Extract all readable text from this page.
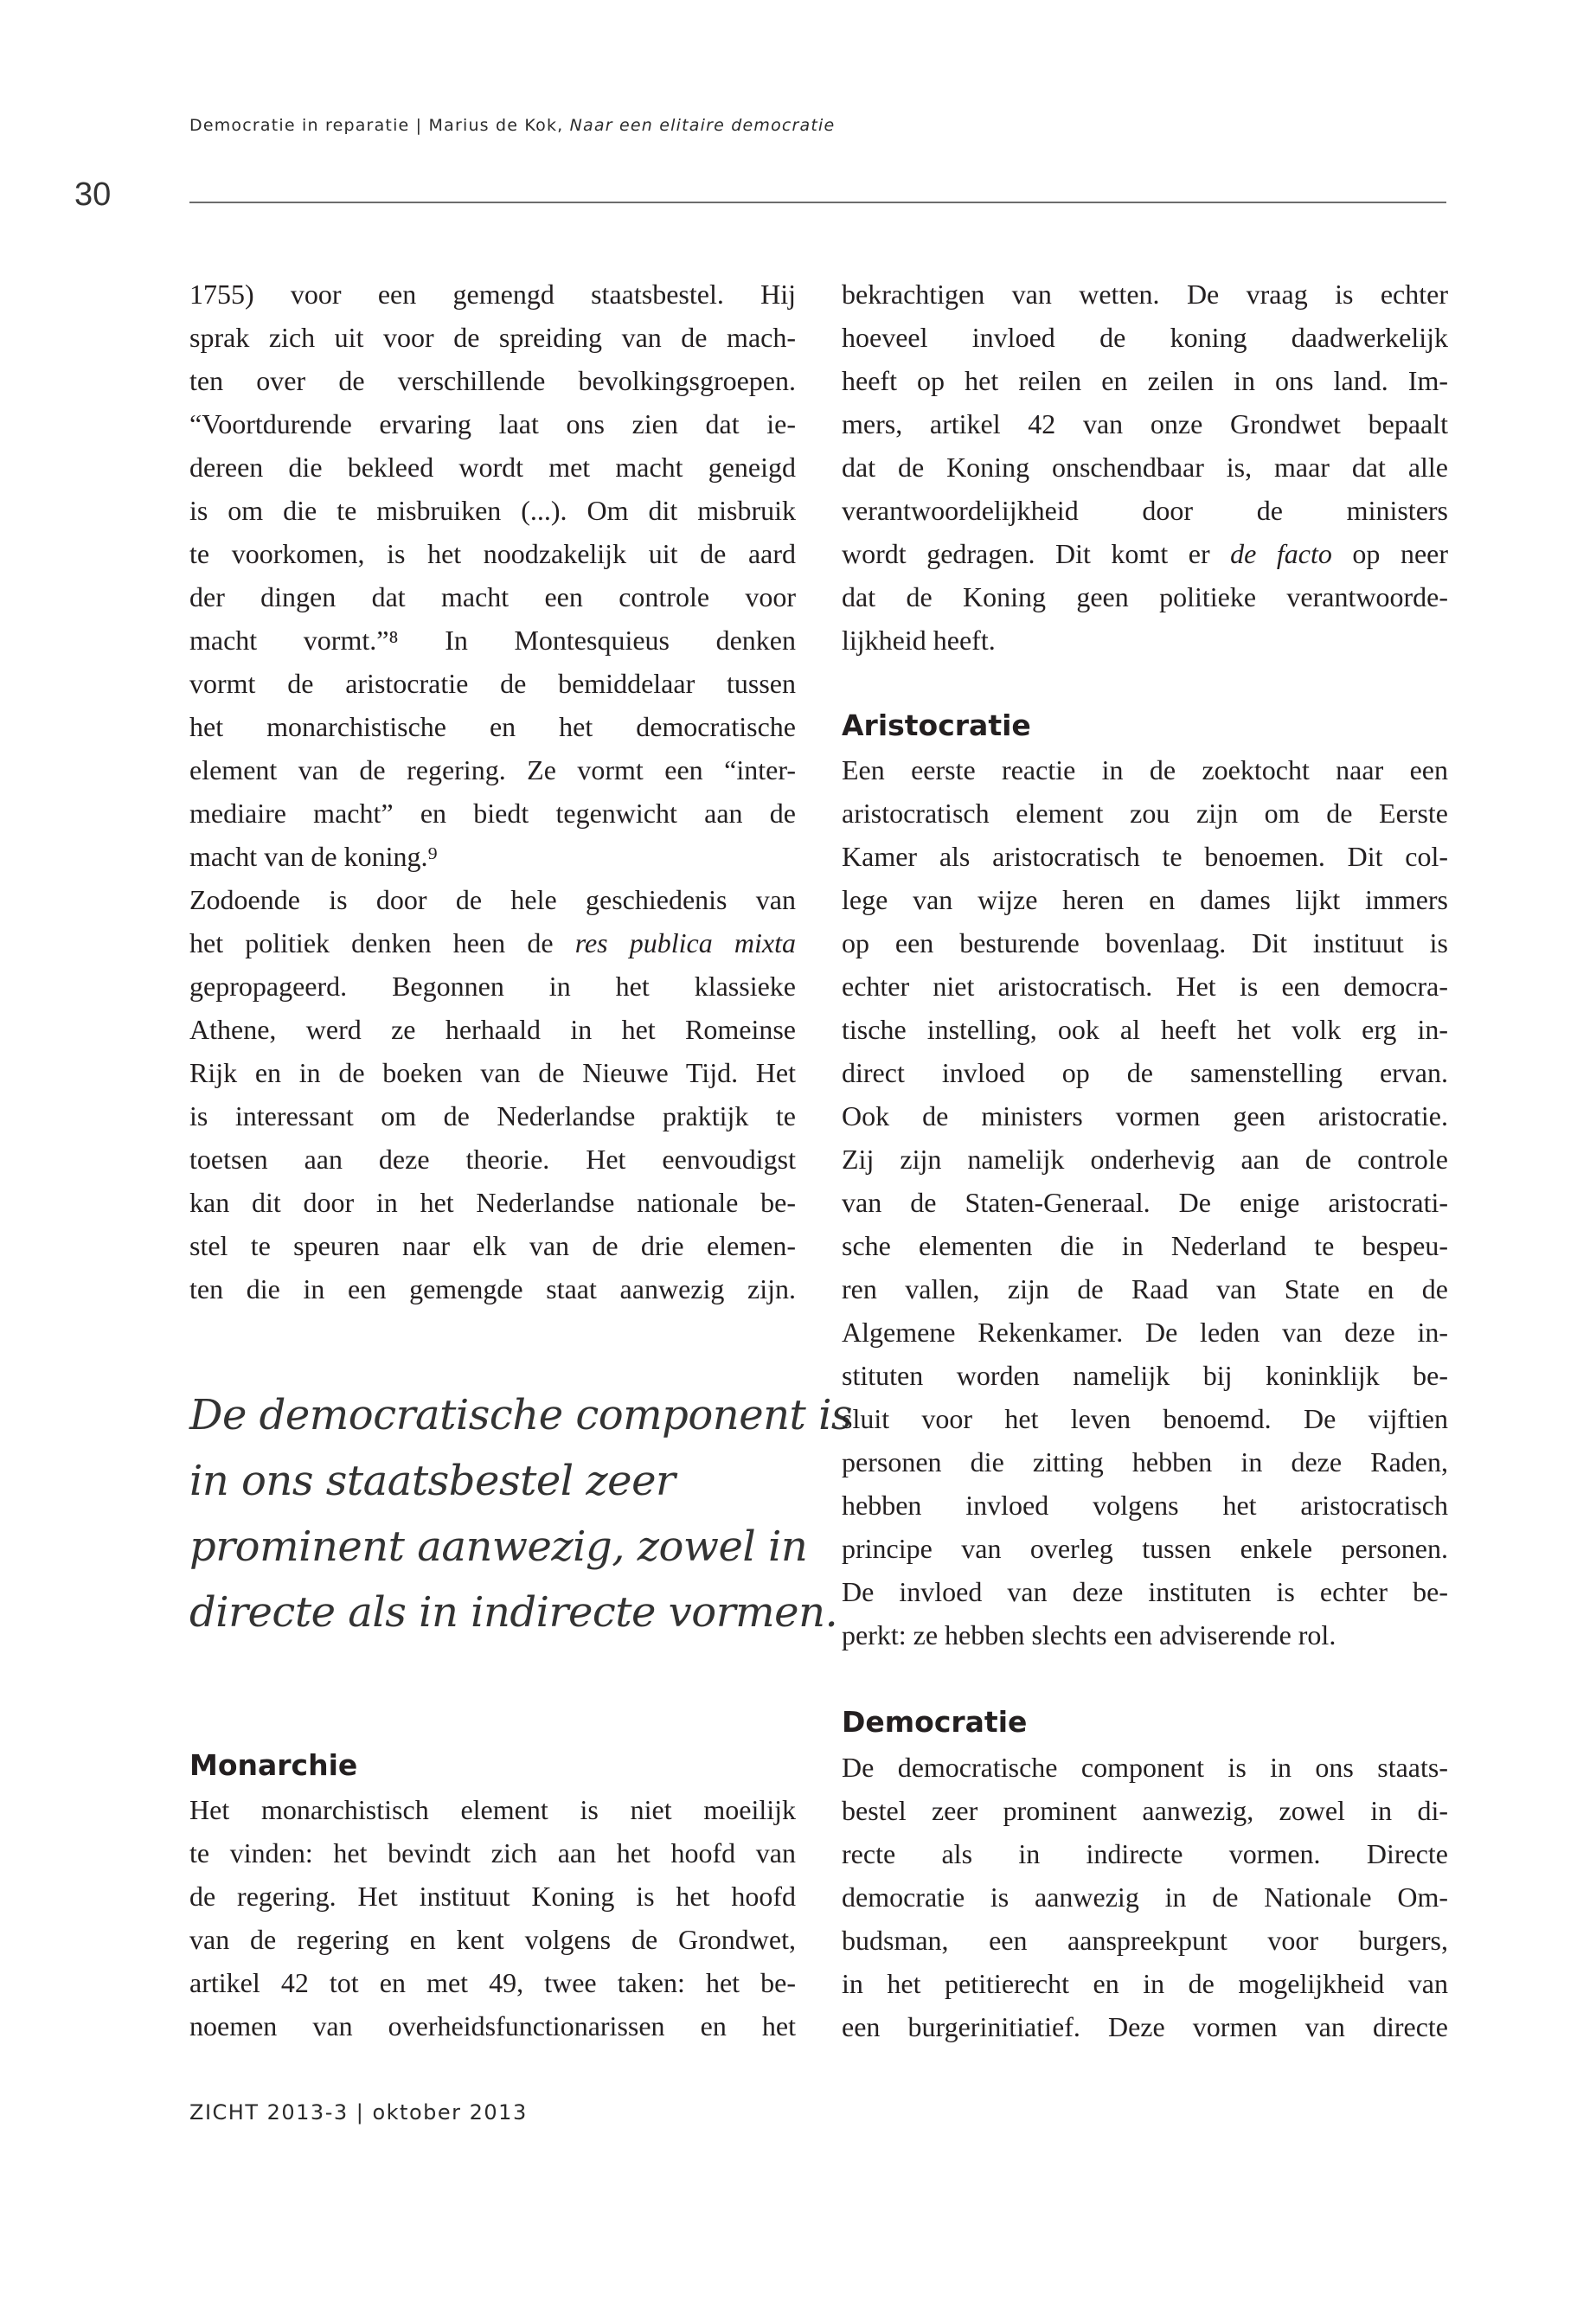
Democratie in reparatie | Marius de Kok, Naar een elitaire democratie
30
1755) voor een gemengd staatsbestel. Hij
sprak zich uit voor de spreiding van de mach-
ten over de verschillende bevolkingsgroepen.
“Voortdurende ervaring laat ons zien dat ie-
dereen die bekleed wordt met macht geneigd
is om die te misbruiken (...). Om dit misbruik
te voorkomen, is het noodzakelijk uit de aard
der dingen dat macht een controle voor
macht vormt.”⁸ In Montesquieus denken
vormt de aristocratie de bemiddelaar tussen
het monarchistische en het democratische
element van de regering. Ze vormt een “inter-
mediaire macht” en biedt tegenwicht aan de
macht van de koning.⁹
Zodoende is door de hele geschiedenis van
het politiek denken heen de res publica mixta
gepropageerd. Begonnen in het klassieke
Athene, werd ze herhaald in het Romeinse
Rijk en in de boeken van de Nieuwe Tijd. Het
is interessant om de Nederlandse praktijk te
toetsen aan deze theorie. Het eenvoudigst
kan dit door in het Nederlandse nationale be-
stel te speuren naar elk van de drie elemen-
ten die in een gemengde staat aanwezig zijn.
De democratische component is
in ons staatsbestel zeer
prominent aanwezig, zowel in
directe als in indirecte vormen.
Monarchie
Het monarchistisch element is niet moeilijk
te vinden: het bevindt zich aan het hoofd van
de regering. Het instituut Koning is het hoofd
van de regering en kent volgens de Grondwet,
artikel 42 tot en met 49, twee taken: het be-
noemen van overheidsfunctionarissen en het
bekrachtigen van wetten. De vraag is echter
hoeveel invloed de koning daadwerkelijk
heeft op het reilen en zeilen in ons land. Im-
mers, artikel 42 van onze Grondwet bepaalt
dat de Koning onschendbaar is, maar dat alle
verantwoordelijkheid door de ministers
wordt gedragen. Dit komt er de facto op neer
dat de Koning geen politieke verantwoorde-
lijkheid heeft.
Aristocratie
Een eerste reactie in de zoektocht naar een
aristocratisch element zou zijn om de Eerste
Kamer als aristocratisch te benoemen. Dit col-
lege van wijze heren en dames lijkt immers
op een besturende bovenlaag. Dit instituut is
echter niet aristocratisch. Het is een democra-
tische instelling, ook al heeft het volk erg in-
direct invloed op de samenstelling ervan.
Ook de ministers vormen geen aristocratie.
Zij zijn namelijk onderhevig aan de controle
van de Staten-Generaal. De enige aristocrati-
sche elementen die in Nederland te bespeu-
ren vallen, zijn de Raad van State en de
Algemene Rekenkamer. De leden van deze in-
stituten worden namelijk bij koninklijk be-
sluit voor het leven benoemd. De vijftien
personen die zitting hebben in deze Raden,
hebben invloed volgens het aristocratisch
principe van overleg tussen enkele personen.
De invloed van deze instituten is echter be-
perkt: ze hebben slechts een adviserende rol.
Democratie
De democratische component is in ons staats-
bestel zeer prominent aanwezig, zowel in di-
recte als in indirecte vormen. Directe
democratie is aanwezig in de Nationale Om-
budsman, een aanspreekpunt voor burgers,
in het petitierecht en in de mogelijkheid van
een burgerinitiatief. Deze vormen van directe
ZICHT 2013-3 | oktober 2013
